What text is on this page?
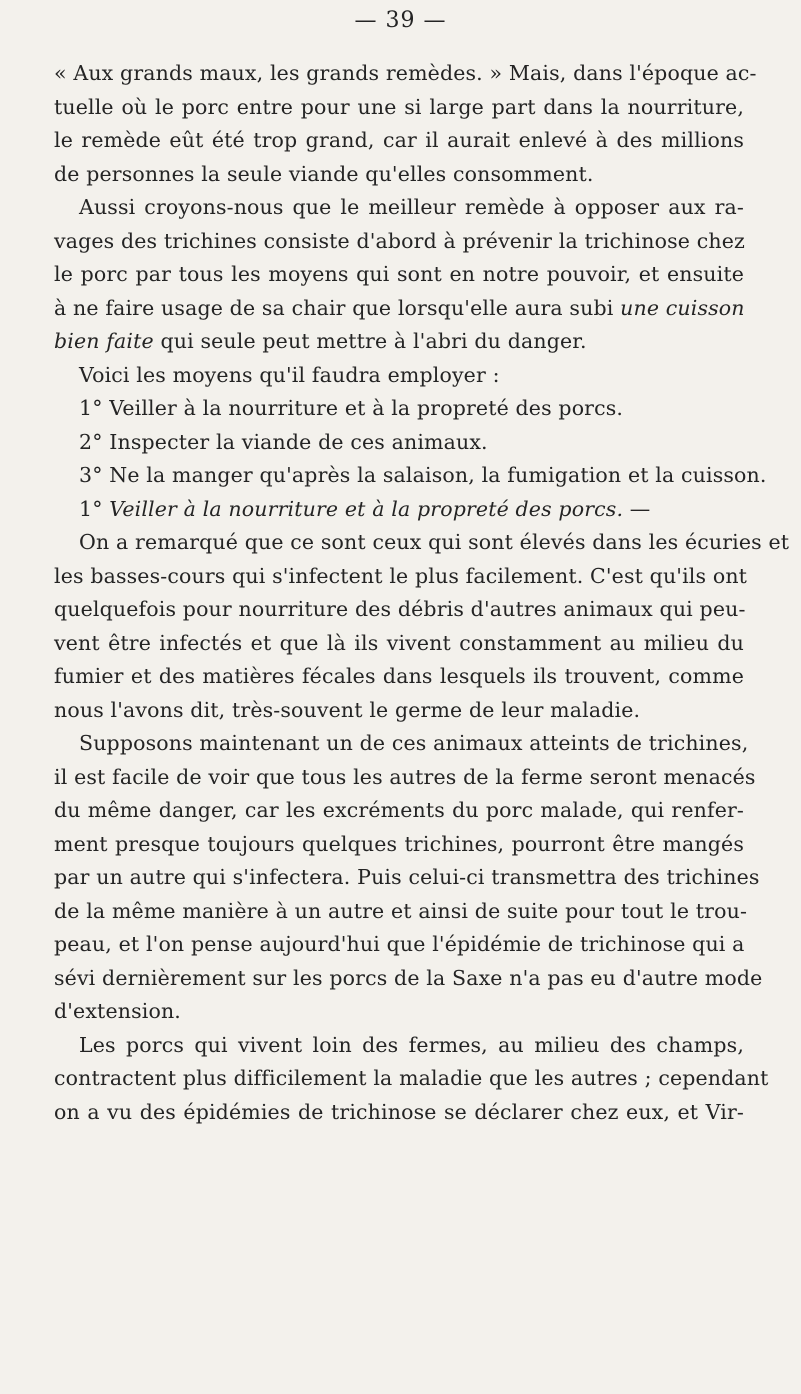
— 39 —
« Aux grands maux, les grands remèdes. » Mais, dans l'époque ac-
tuelle où le porc entre pour une si large part dans la nourriture,
le remède eût été trop grand, car il aurait enlevé à des millions
de personnes la seule viande qu'elles consomment.
Aussi croyons-nous que le meilleur remède à opposer aux ra-
vages des trichines consiste d'abord à prévenir la trichinose chez
le porc par tous les moyens qui sont en notre pouvoir, et ensuite
à ne faire usage de sa chair que lorsqu'elle aura subi une cuisson
bien faite qui seule peut mettre à l'abri du danger.
Voici les moyens qu'il faudra employer :
1° Veiller à la nourriture et à la propreté des porcs.
2° Inspecter la viande de ces animaux.
3° Ne la manger qu'après la salaison, la fumigation et la cuisson.
1° Veiller à la nourriture et à la propreté des porcs. —
On a remarqué que ce sont ceux qui sont élevés dans les écuries et
les basses-cours qui s'infectent le plus facilement. C'est qu'ils ont
quelquefois pour nourriture des débris d'autres animaux qui peu-
vent être infectés et que là ils vivent constamment au milieu du
fumier et des matières fécales dans lesquels ils trouvent, comme
nous l'avons dit, très-souvent le germe de leur maladie.
Supposons maintenant un de ces animaux atteints de trichines,
il est facile de voir que tous les autres de la ferme seront menacés
du même danger, car les excréments du porc malade, qui renfer-
ment presque toujours quelques trichines, pourront être mangés
par un autre qui s'infectera. Puis celui-ci transmettra des trichines
de la même manière à un autre et ainsi de suite pour tout le trou-
peau, et l'on pense aujourd'hui que l'épidémie de trichinose qui a
sévi dernièrement sur les porcs de la Saxe n'a pas eu d'autre mode
d'extension.
Les porcs qui vivent loin des fermes, au milieu des champs,
contractent plus difficilement la maladie que les autres ; cependant
on a vu des épidémies de trichinose se déclarer chez eux, et Vir-
